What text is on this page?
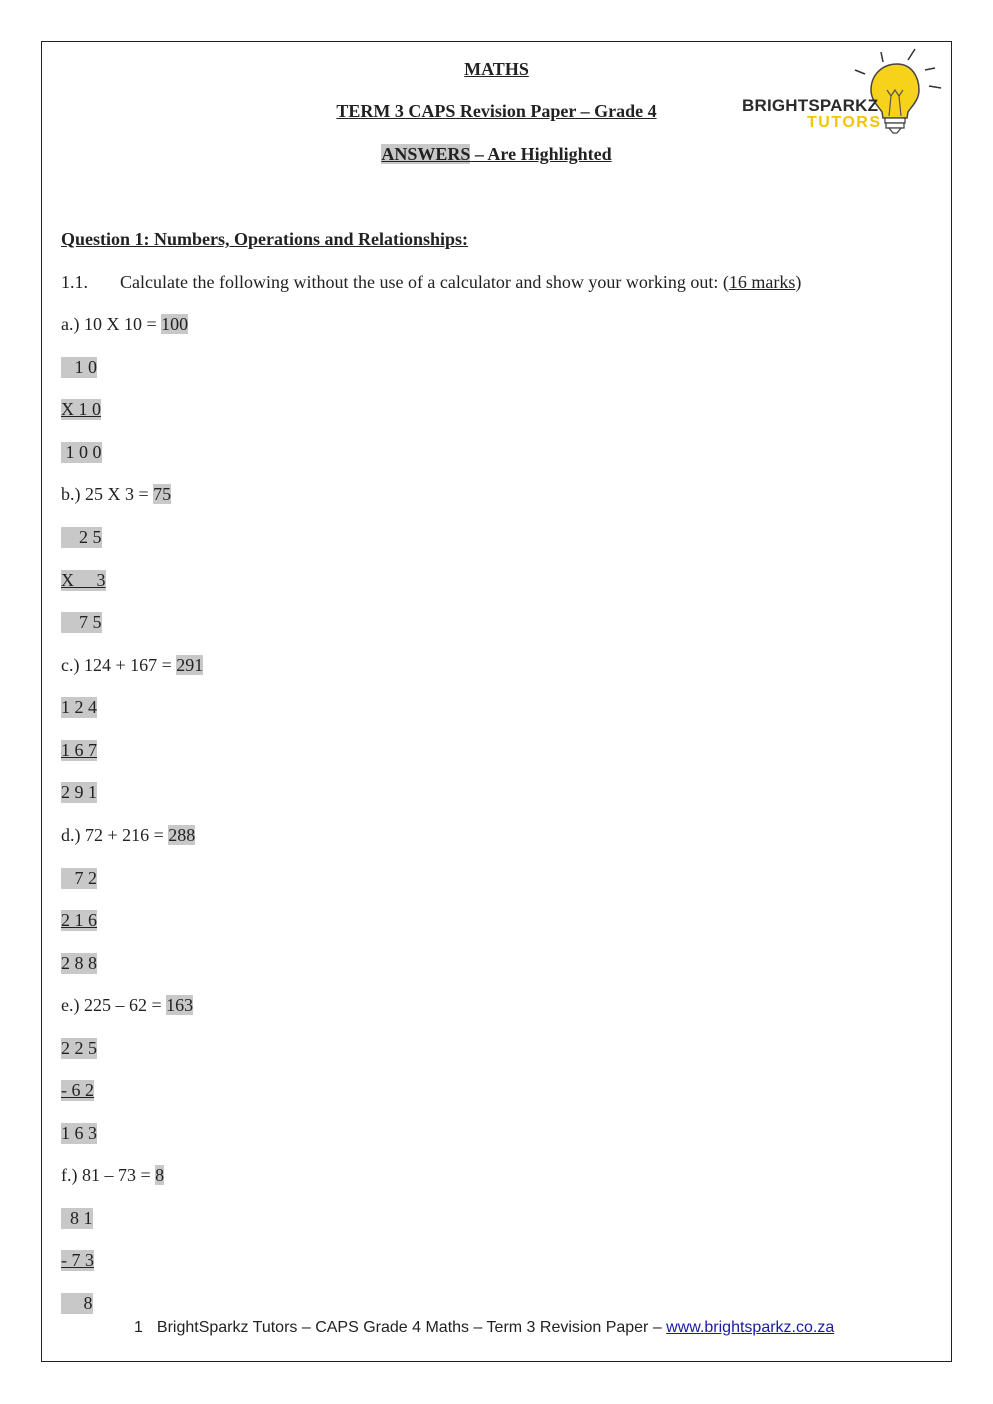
MATHS
TERM 3 CAPS Revision Paper – Grade 4
ANSWERS – Are Highlighted
BRIGHTSPARKZ
TUTORS
Question 1: Numbers, Operations and Relationships:
1.1. Calculate the following without the use of a calculator and show your working out: (16 marks)
a.) 10 X 10 = 100
1 0
X 1 0
1 0 0
b.) 25 X 3 = 75
2 5
X     3
7 5
c.) 124 + 167 = 291
1 2 4
1 6 7
2 9 1
d.) 72 + 216 = 288
7 2
2 1 6
2 8 8
e.) 225 – 62 = 163
2 2 5
- 6 2
1 6 3
f.) 81 – 73 = 8
8 1
- 7 3
8
1 BrightSparkz Tutors – CAPS Grade 4 Maths – Term 3 Revision Paper – www.brightsparkz.co.za
